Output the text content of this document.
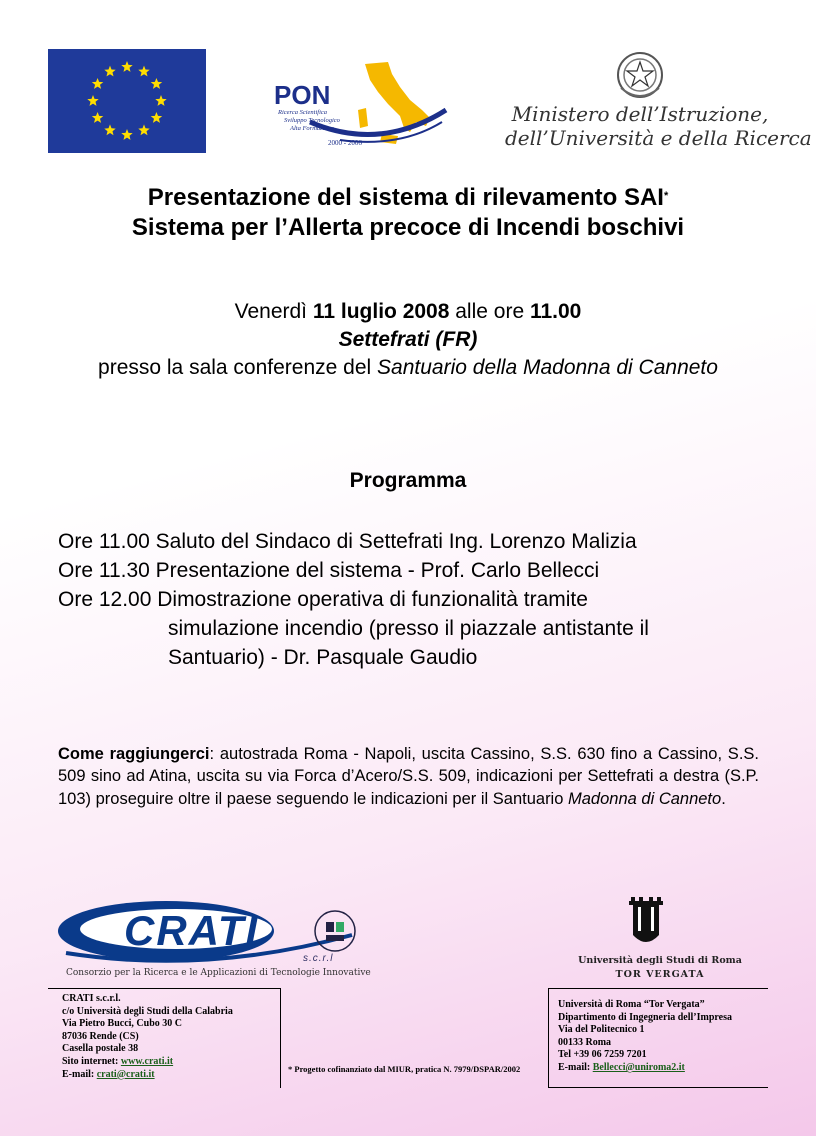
PON
Ricerca Scientifica
Sviluppo Tecnologico
Alta Formazione
2000 - 2006
Ministero dell’Istruzione,
dell’Università e della Ricerca
Presentazione del sistema di rilevamento SAI*
Sistema per l’Allerta precoce di Incendi boschivi
Venerdì 11 luglio 2008 alle ore 11.00
Settefrati (FR)
presso la sala conferenze del Santuario della Madonna di Canneto
Programma
Ore 11.00 Saluto del Sindaco di Settefrati Ing. Lorenzo Malizia
Ore 11.30 Presentazione del sistema - Prof. Carlo Bellecci
Ore 12.00 Dimostrazione operativa di funzionalità tramite
simulazione incendio (presso il piazzale antistante il
Santuario) - Dr. Pasquale Gaudio
Come raggiungerci: autostrada Roma - Napoli, uscita Cassino, S.S. 630 fino a Cassino, S.S. 509 sino ad Atina, uscita su via Forca d’Acero/S.S. 509, indicazioni per Settefrati a destra (S.P. 103) proseguire oltre il paese seguendo le indicazioni per il Santuario Madonna di Canneto.
CRATI
s.c.r.l
Consorzio per la Ricerca e le Applicazioni di Tecnologie Innovative
Università degli Studi di Roma
TOR VERGATA
CRATI s.c.r.l.
c/o Università degli Studi della Calabria
Via Pietro Bucci, Cubo 30 C
87036 Rende (CS)
Casella postale 38
Sito internet: www.crati.it
E-mail: crati@crati.it	* Progetto cofinanziato dal MIUR, pratica N. 7979/DSPAR/2002
Università di Roma “Tor Vergata”
Dipartimento di Ingegneria dell’Impresa
Via del Politecnico 1
00133 Roma
Tel +39 06 7259 7201
E-mail: Bellecci@uniroma2.it
